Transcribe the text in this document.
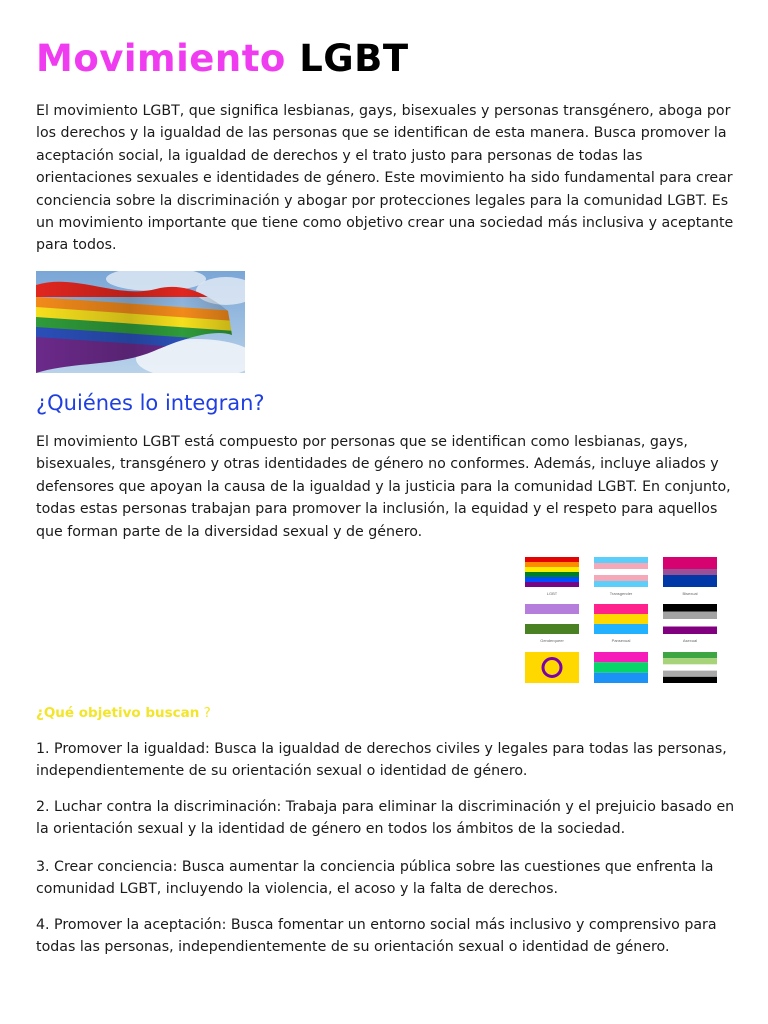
Movimiento LGBT

El movimiento LGBT, que significa lesbianas, gays, bisexuales y personas transgénero, aboga por los derechos y la igualdad de las personas que se identifican de esta manera. Busca promover la aceptación social, la igualdad de derechos y el trato justo para personas de todas las orientaciones sexuales e identidades de género. Este movimiento ha sido fundamental para crear conciencia sobre la discriminación y abogar por protecciones legales para la comunidad LGBT. Es un movimiento importante que tiene como objetivo crear una sociedad más inclusiva y aceptante para todos.

¿Quiénes lo integran?

El movimiento LGBT está compuesto por personas que se identifican como lesbianas, gays, bisexuales, transgénero y otras identidades de género no conformes. Además, incluye aliados y defensores que apoyan la causa de la igualdad y la justicia para la comunidad LGBT. En conjunto, todas estas personas trabajan para promover la inclusión, la equidad y el respeto para aquellos que forman parte de la diversidad sexual y de género.

LGBT	Transgender	Bisexual
Genderqueer	Pansexual	Asexual
¿Qué objetivo buscan ?

1. Promover la igualdad: Busca la igualdad de derechos civiles y legales para todas las personas, independientemente de su orientación sexual o identidad de género.

2. Luchar contra la discriminación: Trabaja para eliminar la discriminación y el prejuicio basado en la orientación sexual y la identidad de género en todos los ámbitos de la sociedad.

3. Crear conciencia: Busca aumentar la conciencia pública sobre las cuestiones que enfrenta la comunidad LGBT, incluyendo la violencia, el acoso y la falta de derechos.

4. Promover la aceptación: Busca fomentar un entorno social más inclusivo y comprensivo para todas las personas, independientemente de su orientación sexual o identidad de género.
